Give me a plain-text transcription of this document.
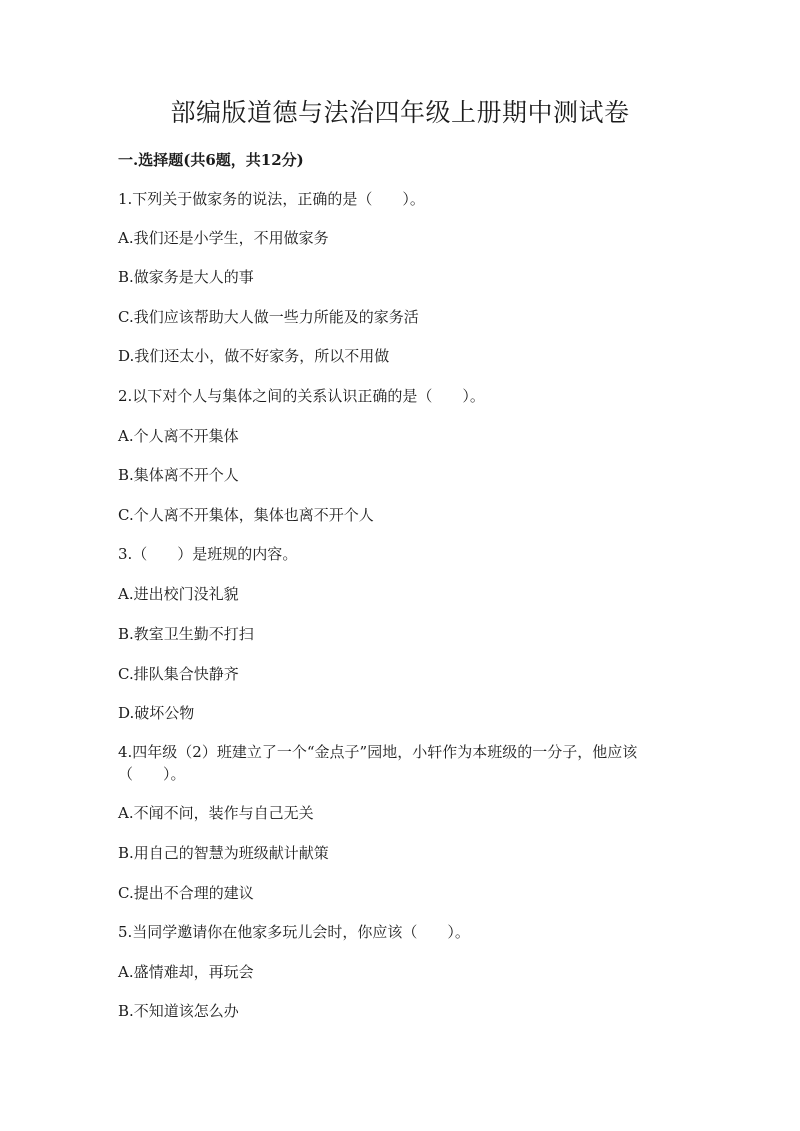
部编版道德与法治四年级上册期中测试卷
一.选择题(共6题，共12分)
1.下列关于做家务的说法，正确的是（　　）。
A.我们还是小学生，不用做家务
B.做家务是大人的事
C.我们应该帮助大人做一些力所能及的家务活
D.我们还太小，做不好家务，所以不用做
2.以下对个人与集体之间的关系认识正确的是（　　）。
A.个人离不开集体
B.集体离不开个人
C.个人离不开集体，集体也离不开个人
3.（　　）是班规的内容。
A.进出校门没礼貌
B.教室卫生勤不打扫
C.排队集合快静齐
D.破坏公物
4.四年级（2）班建立了一个“金点子”园地，小轩作为本班级的一分子，他应该（　　）。
A.不闻不问，装作与自己无关
B.用自己的智慧为班级献计献策
C.提出不合理的建议
5.当同学邀请你在他家多玩儿会时，你应该（　　）。
A.盛情难却，再玩会
B.不知道该怎么办
